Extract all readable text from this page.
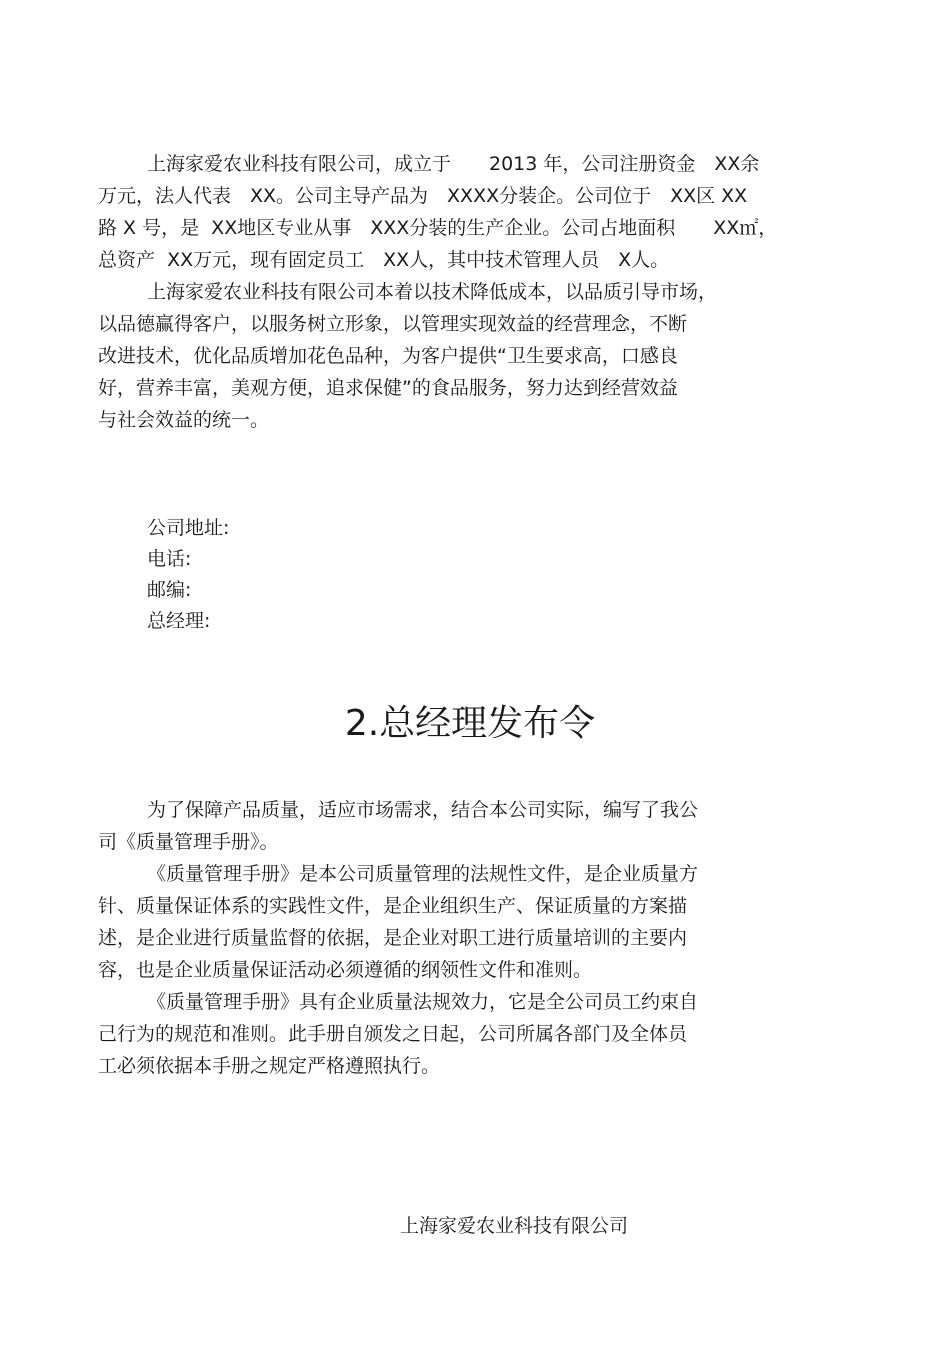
上海家爱农业科技有限公司，成立于　　2013 年，公司注册资金　XX余
万元，法人代表　XX。公司主导产品为　XXXX分装企。公司位于　XX区 XX
路 X 号，是  XX地区专业从事　XXX分装的生产企业。公司占地面积　　XX㎡，
总资产  XX万元，现有固定员工　XX人，其中技术管理人员　X人。
上海家爱农业科技有限公司本着以技术降低成本，以品质引导市场，
以品德赢得客户，以服务树立形象，以管理实现效益的经营理念，不断
改进技术，优化品质增加花色品种，为客户提供“卫生要求高，口感良
好，营养丰富，美观方便，追求保健”的食品服务，努力达到经营效益
与社会效益的统一。
公司地址:
电话:
邮编:
总经理:
2.总经理发布令
为了保障产品质量，适应市场需求，结合本公司实际，编写了我公
司《质量管理手册》。
《质量管理手册》是本公司质量管理的法规性文件，是企业质量方
针、质量保证体系的实践性文件，是企业组织生产、保证质量的方案描
述，是企业进行质量监督的依据，是企业对职工进行质量培训的主要内
容，也是企业质量保证活动必须遵循的纲领性文件和准则。
《质量管理手册》具有企业质量法规效力，它是全公司员工约束自
己行为的规范和准则。此手册自颁发之日起，公司所属各部门及全体员
工必须依据本手册之规定严格遵照执行。
上海家爱农业科技有限公司
